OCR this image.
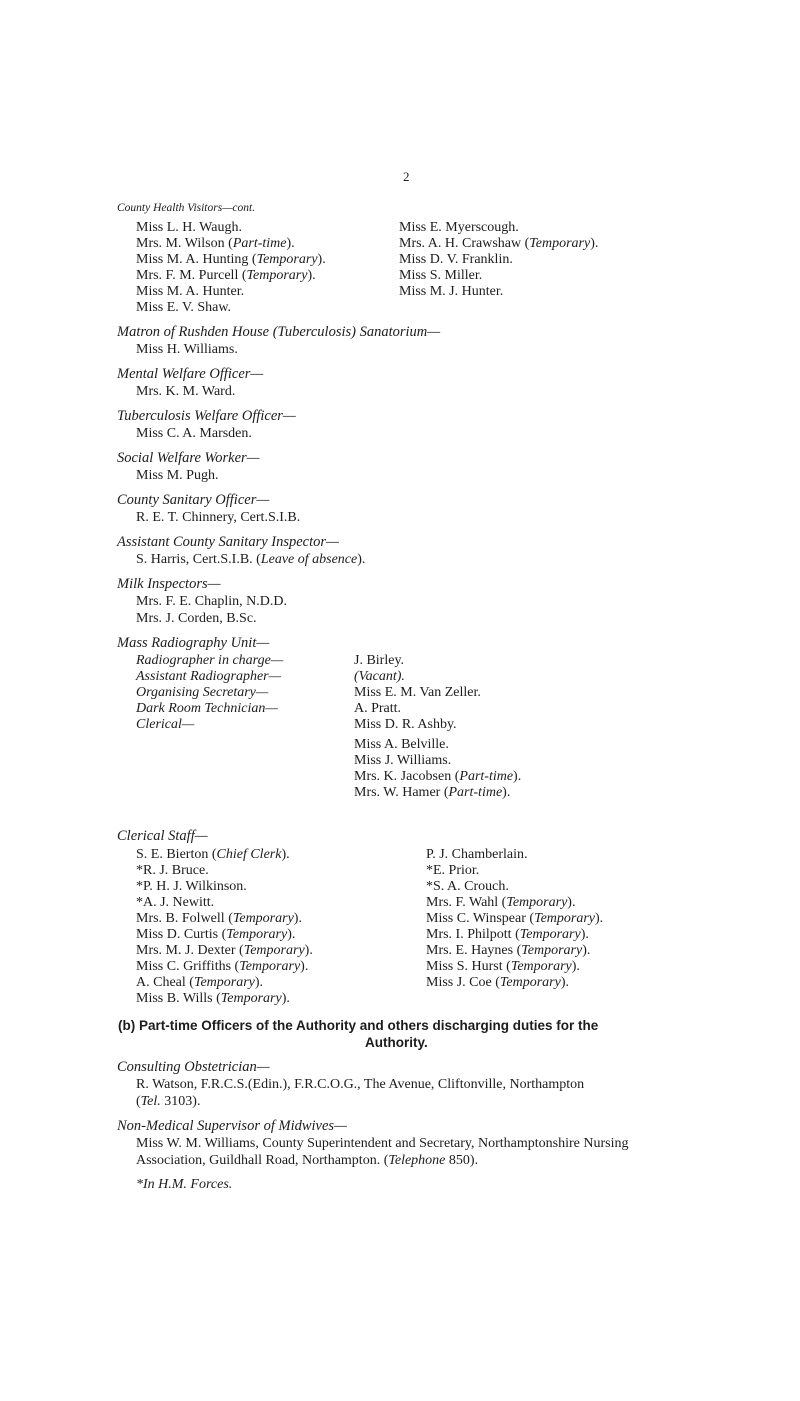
2
County Health Visitors—cont.
Miss L. H. Waugh.
Mrs. M. Wilson (Part-time).
Miss M. A. Hunting (Temporary).
Mrs. F. M. Purcell (Temporary).
Miss M. A. Hunter.
Miss E. V. Shaw.
Miss E. Myerscough.
Mrs. A. H. Crawshaw (Temporary).
Miss D. V. Franklin.
Miss S. Miller.
Miss M. J. Hunter.
Matron of Rushden House (Tuberculosis) Sanatorium—
Miss H. Williams.
Mental Welfare Officer—
Mrs. K. M. Ward.
Tuberculosis Welfare Officer—
Miss C. A. Marsden.
Social Welfare Worker—
Miss M. Pugh.
County Sanitary Officer—
R. E. T. Chinnery, Cert.S.I.B.
Assistant County Sanitary Inspector—
S. Harris, Cert.S.I.B. (Leave of absence).
Milk Inspectors—
Mrs. F. E. Chaplin, N.D.D.
Mrs. J. Corden, B.Sc.
Mass Radiography Unit—
Radiographer in charge—
Assistant Radiographer—
Organising Secretary—
Dark Room Technician—
Clerical—
J. Birley.
(Vacant).
Miss E. M. Van Zeller.
A. Pratt.
Miss D. R. Ashby.
Miss A. Belville.
Miss J. Williams.
Mrs. K. Jacobsen (Part-time).
Mrs. W. Hamer (Part-time).
Clerical Staff—
S. E. Bierton (Chief Clerk).
*R. J. Bruce.
*P. H. J. Wilkinson.
*A. J. Newitt.
Mrs. B. Folwell (Temporary).
Miss D. Curtis (Temporary).
Mrs. M. J. Dexter (Temporary).
Miss C. Griffiths (Temporary).
A. Cheal (Temporary).
Miss B. Wills (Temporary).
P. J. Chamberlain.
*E. Prior.
*S. A. Crouch.
Mrs. F. Wahl (Temporary).
Miss C. Winspear (Temporary).
Mrs. I. Philpott (Temporary).
Mrs. E. Haynes (Temporary).
Miss S. Hurst (Temporary).
Miss J. Coe (Temporary).
(b) Part-time Officers of the Authority and others discharging duties for the
Authority.
Consulting Obstetrician—
R. Watson, F.R.C.S.(Edin.), F.R.C.O.G., The Avenue, Cliftonville, Northampton
(Tel. 3103).
Non-Medical Supervisor of Midwives—
Miss W. M. Williams, County Superintendent and Secretary, Northamptonshire Nursing
Association, Guildhall Road, Northampton. (Telephone 850).
*In H.M. Forces.
